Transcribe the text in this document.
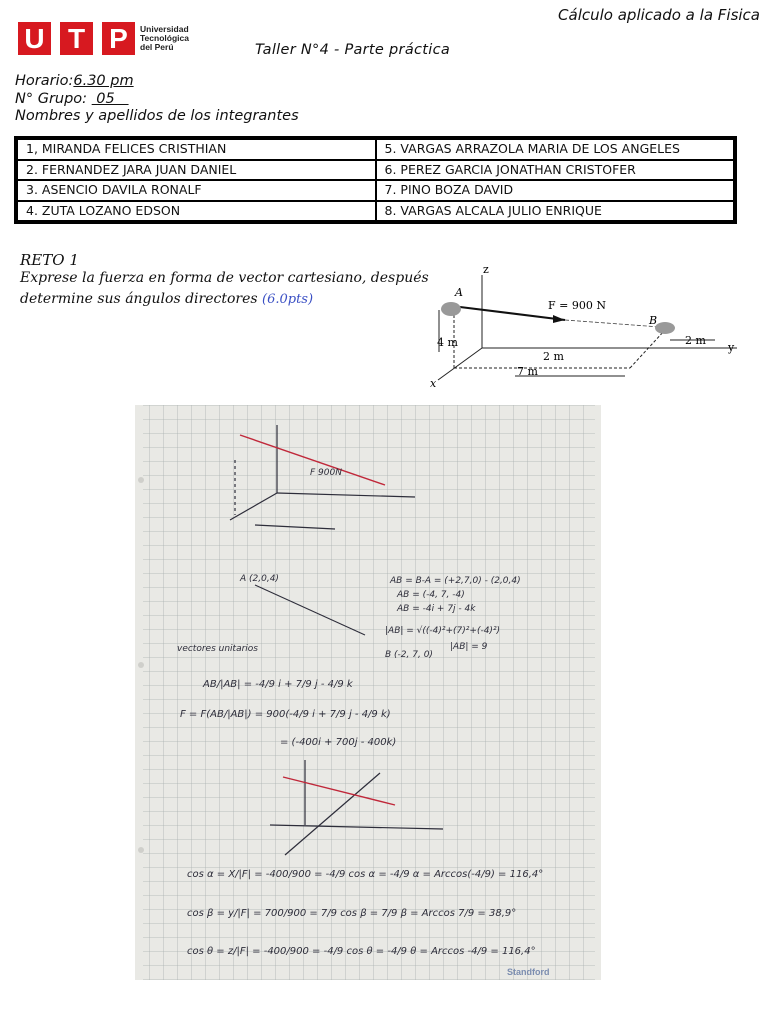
U T P	Universidad
Tecnológica
del Perú
Cálculo aplicado a la Fisica
Taller N°4 - Parte práctica
Horario:6.30 pm
N° Grupo:  05
Nombres y apellidos de los integrantes
1, MIRANDA FELICES CRISTHIAN	5. VARGAS ARRAZOLA MARIA DE LOS ANGELES
2. FERNANDEZ JARA JUAN DANIEL	6. PEREZ GARCIA JONATHAN CRISTOFER
3. ASENCIO DAVILA RONALF	7. PINO BOZA DAVID
4. ZUTA LOZANO EDSON	8. VARGAS ALCALA JULIO ENRIQUE
RETO 1
Exprese la fuerza en forma de vector cartesiano, después determine sus ángulos directores (6.0pts)
z
y
x
A
B
F = 900 N
4 m
2 m
2 m
7 m
F 900N
A (2,0,4)
B (-2, 7, 0)
AB = B-A = (+2,7,0) - (2,0,4)
AB = (-4, 7, -4)
AB = -4i + 7j - 4k
|AB| = √((-4)²+(7)²+(-4)²)
|AB| = 9
vectores unitarios
AB/|AB| = -4/9 i + 7/9 j - 4/9 k
F = F(AB/|AB|) = 900(-4/9 i + 7/9 j - 4/9 k)
= (-400i + 700j - 400k)
cos α = X/|F| = -400/900 = -4/9 cos α = -4/9 α = Arccos(-4/9) = 116,4°
cos β = y/|F| = 700/900 = 7/9 cos β = 7/9 β = Arccos 7/9 = 38,9°
cos θ = z/|F| = -400/900 = -4/9 cos θ = -4/9 θ = Arccos -4/9 = 116,4°
Standford
